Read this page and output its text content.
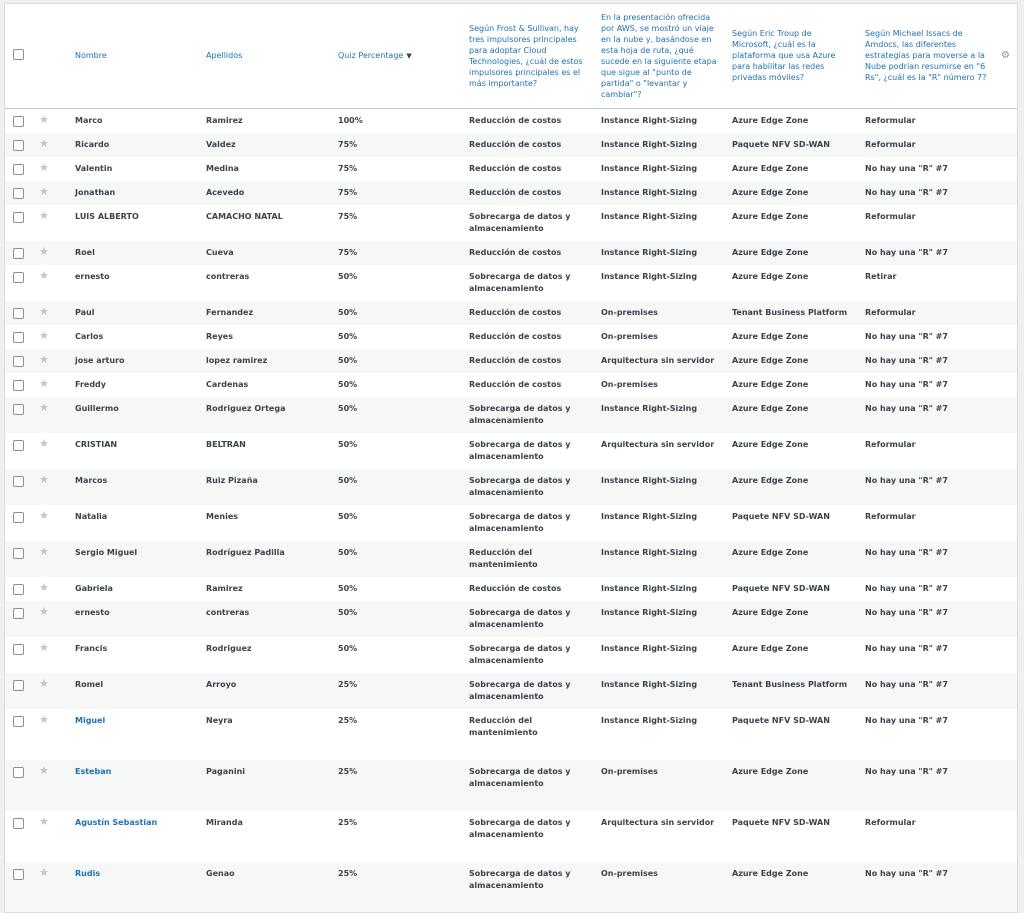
		Nombre	Apellidos	Quiz Percentage ▼	Según Frost & Sullivan, hay tres impulsores principales para adoptar Cloud Technologies, ¿cuál de estos impulsores principales es el más importante?	En la presentación ofrecida por AWS, se mostró un viaje en la nube y, basándose en esta hoja de ruta, ¿qué sucede en la siguiente etapa que sigue al "punto de partida" o "levantar y cambiar"?	Según Eric Troup de Microsoft, ¿cuál es la plataforma que usa Azure para habilitar las redes privadas móviles?	Según Michael Issacs de Amdocs, las diferentes estrategias para moverse a la Nube podrían resumirse en "6 Rs", ¿cuál es la "R" número 7?	⚙
	★	Marco	Ramirez	100%	Reducción de costos	Instance Right-Sizing	Azure Edge Zone	Reformular	
	★	Ricardo	Valdez	75%	Reducción de costos	Instance Right-Sizing	Paquete NFV SD-WAN	Reformular	
	★	Valentin	Medina	75%	Reducción de costos	Instance Right-Sizing	Azure Edge Zone	No hay una "R" #7	
	★	Jonathan	Acevedo	75%	Reducción de costos	Instance Right-Sizing	Azure Edge Zone	No hay una "R" #7	
	★	LUIS ALBERTO	CAMACHO NATAL	75%	Sobrecarga de datos y almacenamiento	Instance Right-Sizing	Azure Edge Zone	Reformular	
	★	Roel	Cueva	75%	Reducción de costos	Instance Right-Sizing	Azure Edge Zone	No hay una "R" #7	
	★	ernesto	contreras	50%	Sobrecarga de datos y almacenamiento	Instance Right-Sizing	Azure Edge Zone	Retirar	
	★	Paul	Fernandez	50%	Reducción de costos	On-premises	Tenant Business Platform	Reformular	
	★	Carlos	Reyes	50%	Reducción de costos	On-premises	Azure Edge Zone	No hay una "R" #7	
	★	jose arturo	lopez ramirez	50%	Reducción de costos	Arquitectura sin servidor	Azure Edge Zone	No hay una "R" #7	
	★	Freddy	Cardenas	50%	Reducción de costos	On-premises	Azure Edge Zone	No hay una "R" #7	
	★	Guillermo	Rodriguez Ortega	50%	Sobrecarga de datos y almacenamiento	Instance Right-Sizing	Azure Edge Zone	No hay una "R" #7	
	★	CRISTIAN	BELTRAN	50%	Sobrecarga de datos y almacenamiento	Arquitectura sin servidor	Azure Edge Zone	Reformular	
	★	Marcos	Ruiz Pizaña	50%	Sobrecarga de datos y almacenamiento	Instance Right-Sizing	Azure Edge Zone	No hay una "R" #7	
	★	Natalia	Menies	50%	Sobrecarga de datos y almacenamiento	Instance Right-Sizing	Paquete NFV SD-WAN	Reformular	
	★	Sergio Miguel	Rodríguez Padilla	50%	Reducción del mantenimiento	Instance Right-Sizing	Azure Edge Zone	No hay una "R" #7	
	★	Gabriela	Ramirez	50%	Reducción de costos	Instance Right-Sizing	Paquete NFV SD-WAN	No hay una "R" #7	
	★	ernesto	contreras	50%	Sobrecarga de datos y almacenamiento	Instance Right-Sizing	Azure Edge Zone	No hay una "R" #7	
	★	Francis	Rodriguez	50%	Sobrecarga de datos y almacenamiento	Instance Right-Sizing	Azure Edge Zone	No hay una "R" #7	
	★	Romel	Arroyo	25%	Sobrecarga de datos y almacenamiento	Instance Right-Sizing	Tenant Business Platform	No hay una "R" #7	
	★	Miguel	Neyra	25%	Reducción del mantenimiento	Instance Right-Sizing	Paquete NFV SD-WAN	No hay una "R" #7	
	★	Esteban	Paganini	25%	Sobrecarga de datos y almacenamiento	On-premises	Azure Edge Zone	No hay una "R" #7	
	★	Agustín Sebastian	Miranda	25%	Sobrecarga de datos y almacenamiento	Arquitectura sin servidor	Paquete NFV SD-WAN	Reformular	
	★	Rudis	Genao	25%	Sobrecarga de datos y almacenamiento	On-premises	Azure Edge Zone	No hay una "R" #7	
